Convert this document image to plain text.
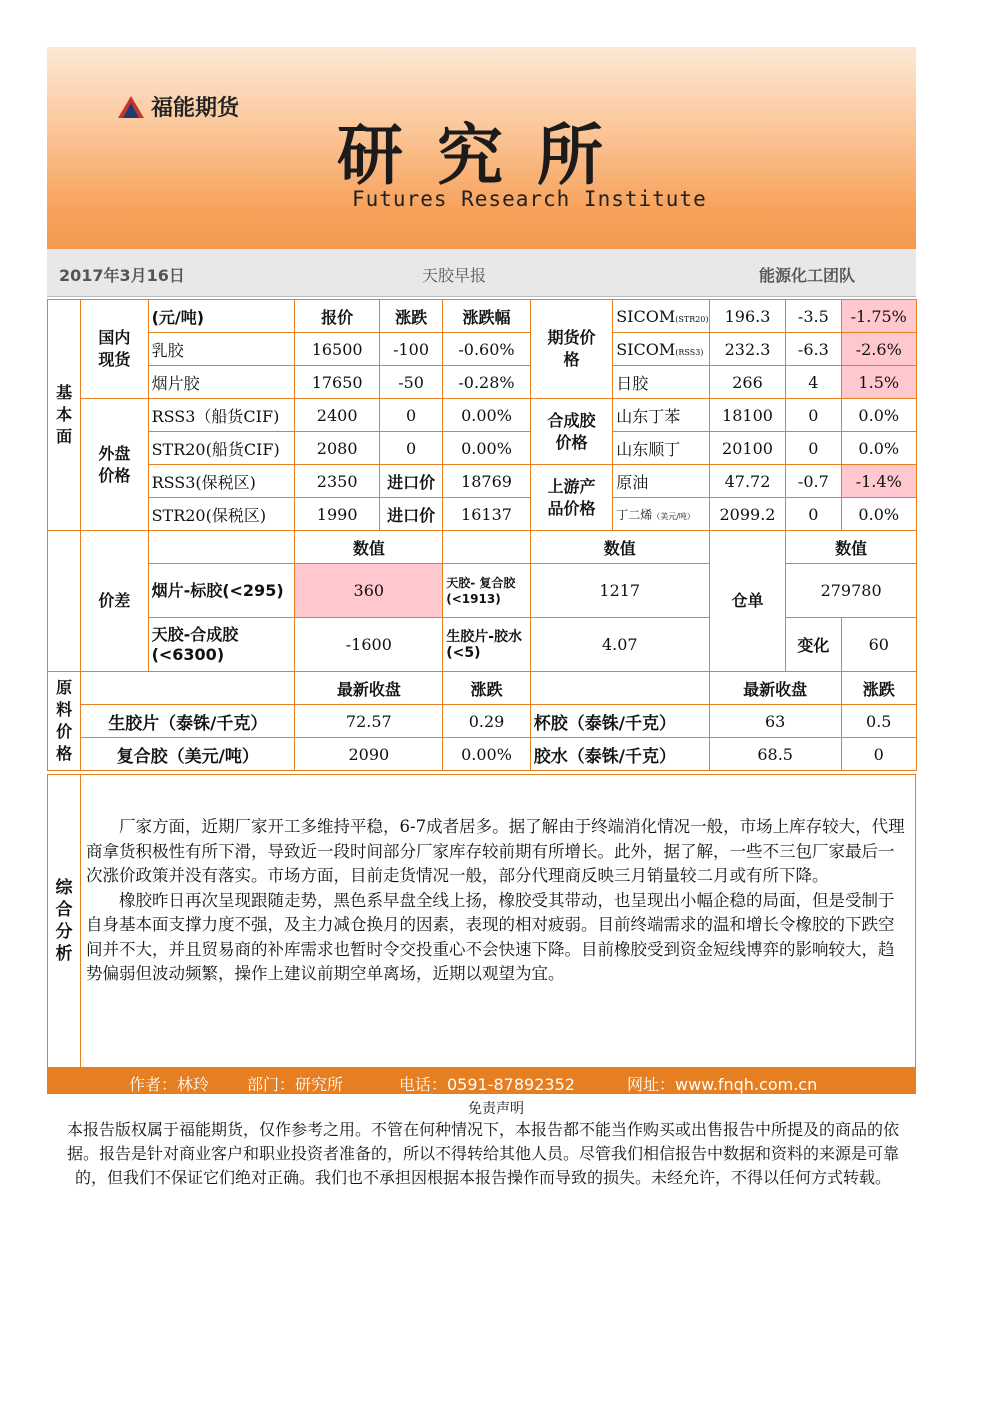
福能期货
研究所
Futures Research Institute
2017年3月16日	天胶早报	能源化工团队
基本面	国内现货	(元/吨)	报价	涨跌	涨跌幅	期货价格	SICOM(STR20)	196.3	-3.5	-1.75%
		乳胶	16500	-100	-0.60%		SICOM(RSS3)	232.3	-6.3	-2.6%
		烟片胶	17650	-50	-0.28%		日胶	266	4	1.5%
	外盘价格	RSS3（船货CIF)	2400	0	0.00%	合成胶价格	山东丁苯	18100	0	0.0%
		STR20(船货CIF)	2080	0	0.00%		山东顺丁	20100	0	0.0%
		RSS3(保税区)	2350	进口价	18769	上游产品价格	原油	47.72	-0.7	-1.4%
		STR20(保税区)	1990	进口价	16137		丁二烯（美元/吨）	2099.2	0	0.0%
	价差		数值			数值		仓单	数值	
		烟片-标胶(<295)	360		天胶- 复合胶(<1913)	1217			279780	
		天胶-合成胶(<6300)	-1600		生胶片-胶水(<5)	4.07			变化	60
原料价格			最新收盘		涨跌			最新收盘		涨跌
	生胶片（泰铢/千克）		72.57		0.29	杯胶（泰铢/千克）		63		0.5
	复合胶（美元/吨）		2090		0.00%	胶水（泰铢/千克）		68.5		0
综合分析

厂家方面，近期厂家开工多维持平稳，6-7成者居多。据了解由于终端消化情况一般，市场上库存较大，代理商拿货积极性有所下滑，导致近一段时间部分厂家库存较前期有所增长。此外，据了解，一些不三包厂家最后一次涨价政策并没有落实。市场方面，目前走货情况一般，部分代理商反映三月销量较二月或有所下降。

橡胶昨日再次呈现跟随走势，黑色系早盘全线上扬，橡胶受其带动，也呈现出小幅企稳的局面，但是受制于自身基本面支撑力度不强，及主力减仓换月的因素，表现的相对疲弱。目前终端需求的温和增长令橡胶的下跌空间并不大，并且贸易商的补库需求也暂时令交投重心不会快速下降。目前橡胶受到资金短线博弈的影响较大，趋势偏弱但波动频繁，操作上建议前期空单离场，近期以观望为宜。

作者：林玲 部门：研究所	电话：0591-87892352	网址：www.fnqh.com.cn
免责声明
本报告版权属于福能期货，仅作参考之用。不管在何种情况下，本报告都不能当作购买或出售报告中所提及的商品的依据。报告是针对商业客户和职业投资者准备的，所以不得转给其他人员。尽管我们相信报告中数据和资料的来源是可靠的，但我们不保证它们绝对正确。我们也不承担因根据本报告操作而导致的损失。未经允许，不得以任何方式转载。
